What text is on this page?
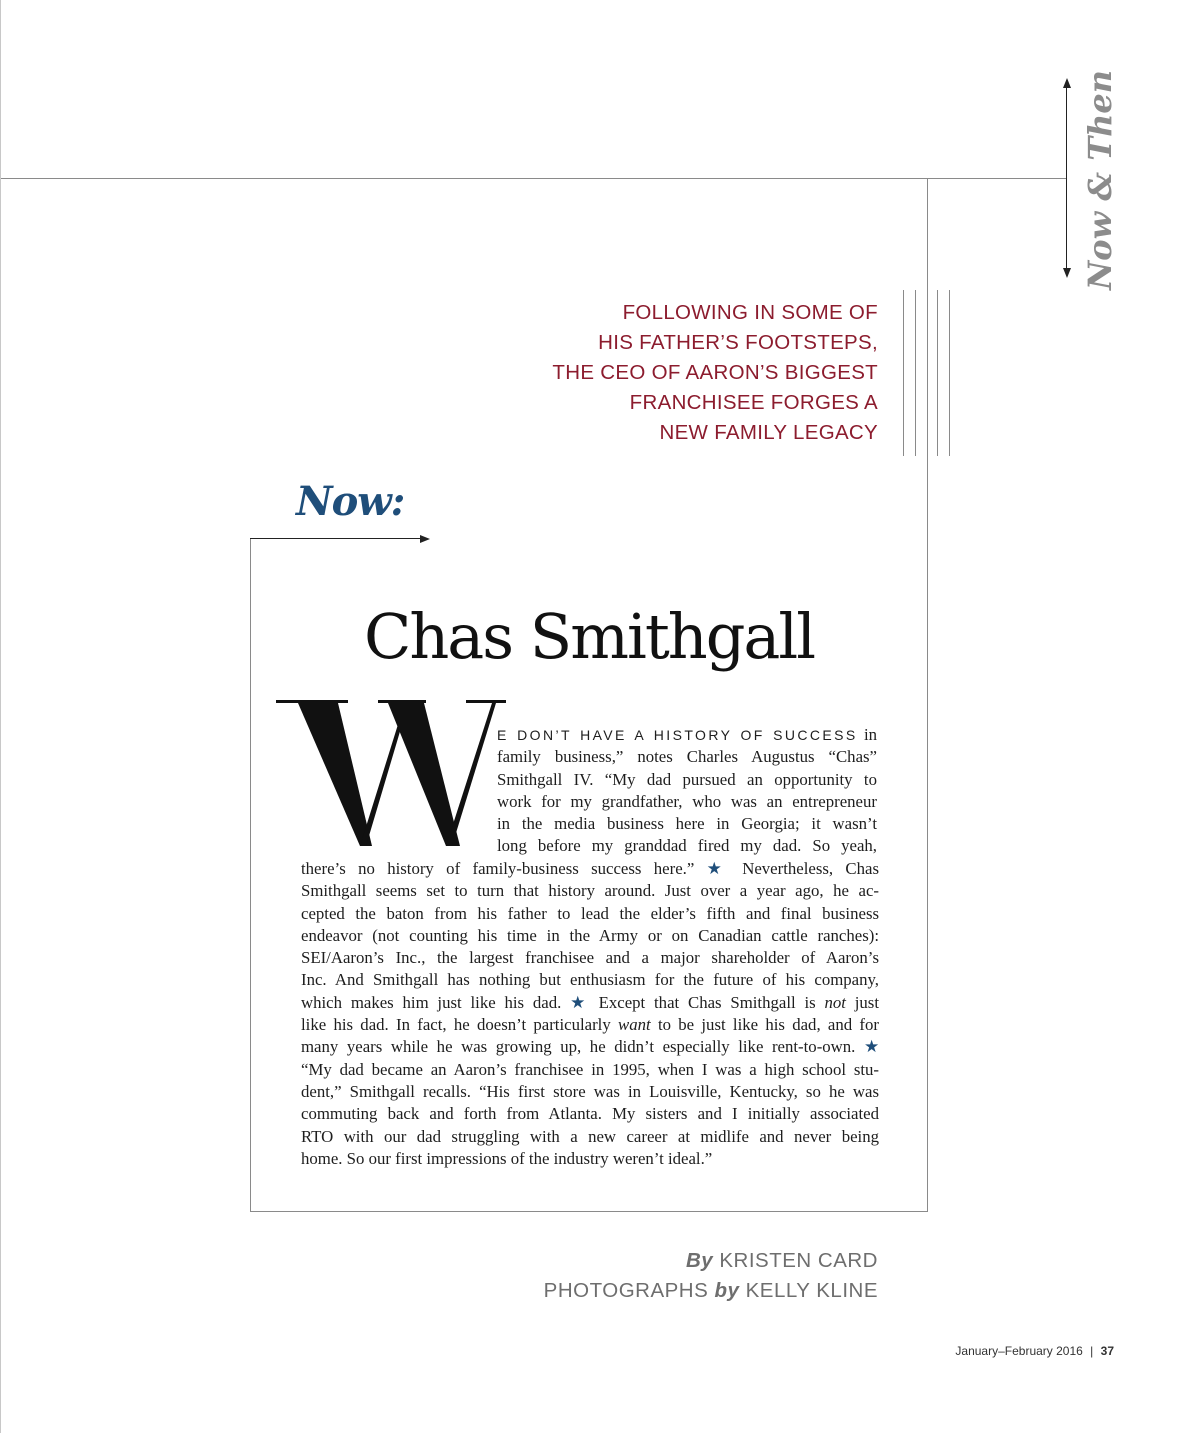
Now & Then
FOLLOWING IN SOME OF
HIS FATHER’S FOOTSTEPS,
THE CEO OF AARON’S BIGGEST
FRANCHISEE FORGES A
NEW FAMILY LEGACY
Now:
Chas Smithgall
E DON’T HAVE A HISTORY OF SUCCESS in
family business,” notes Charles Augustus “Chas”
Smithgall IV. “My dad pursued an opportunity to
work for my grandfather, who was an entrepreneur
in the media business here in Georgia; it wasn’t
long before my granddad fired my dad. So yeah,
there’s no history of family-business success here.” ★ Nevertheless, Chas
Smithgall seems set to turn that history around. Just over a year ago, he ac-
cepted the baton from his father to lead the elder’s fifth and final business
endeavor (not counting his time in the Army or on Canadian cattle ranches):
SEI/Aaron’s Inc., the largest franchisee and a major shareholder of Aaron’s
Inc. And Smithgall has nothing but enthusiasm for the future of his company,
which makes him just like his dad. ★ Except that Chas Smithgall is not just
like his dad. In fact, he doesn’t particularly want to be just like his dad, and for
many years while he was growing up, he didn’t especially like rent-to-own. ★
“My dad became an Aaron’s franchisee in 1995, when I was a high school stu-
dent,” Smithgall recalls. “His first store was in Louisville, Kentucky, so he was
commuting back and forth from Atlanta. My sisters and I initially associated
RTO with our dad struggling with a new career at midlife and never being
home. So our first impressions of the industry weren’t ideal.”
By KRISTEN CARD
PHOTOGRAPHS by KELLY KLINE
January–February 2016 | 37
